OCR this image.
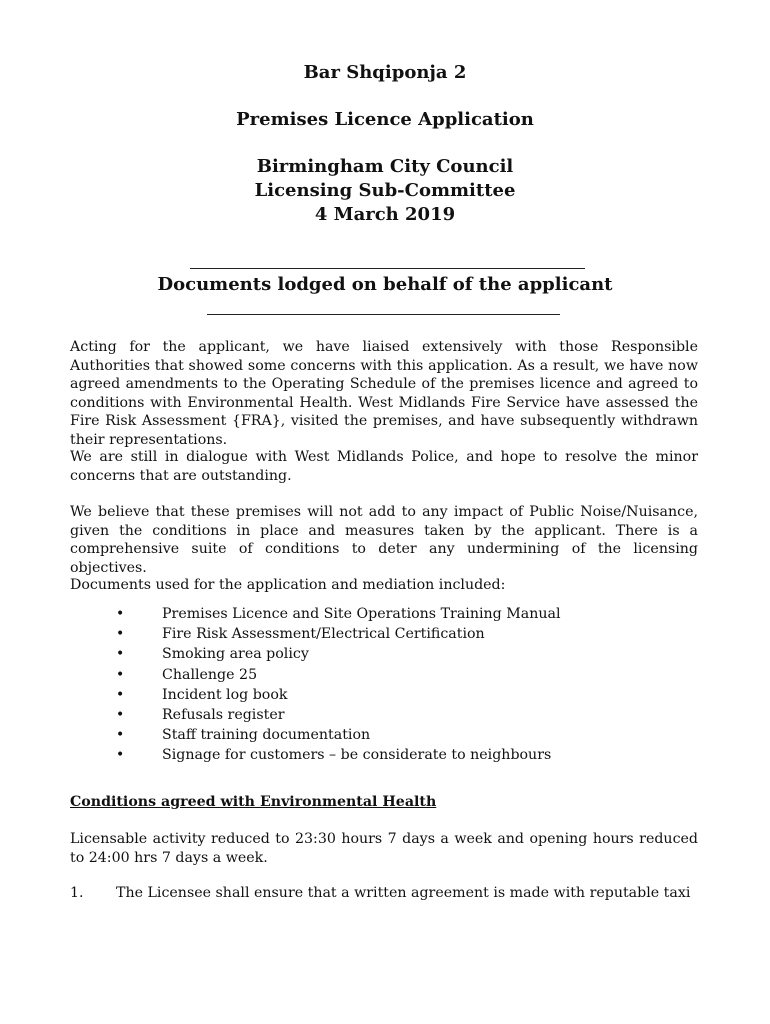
Bar Shqiponja 2
Premises Licence Application
Birmingham City Council
Licensing Sub-Committee
4 March 2019
Documents lodged on behalf of the applicant
Acting for the applicant, we have liaised extensively with those Responsible Authorities that showed some concerns with this application. As a result, we have now agreed amendments to the Operating Schedule of the premises licence and agreed to conditions with Environmental Health. West Midlands Fire Service have assessed the Fire Risk Assessment {FRA}, visited the premises, and have subsequently withdrawn their representations.
We are still in dialogue with West Midlands Police, and hope to resolve the minor concerns that are outstanding.
We believe that these premises will not add to any impact of Public Noise/Nuisance, given the conditions in place and measures taken by the applicant. There is a comprehensive suite of conditions to deter any undermining of the licensing objectives.
Documents used for the application and mediation included:
•	Premises Licence and Site Operations Training Manual
•	Fire Risk Assessment/Electrical Certification
•	Smoking area policy
•	Challenge 25
•	Incident log book
•	Refusals register
•	Staff training documentation
•	Signage for customers – be considerate to neighbours
Conditions agreed with Environmental Health
Licensable activity reduced to 23:30 hours 7 days a week and opening hours reduced to 24:00 hrs 7 days a week.
1. The Licensee shall ensure that a written agreement is made with reputable taxi
